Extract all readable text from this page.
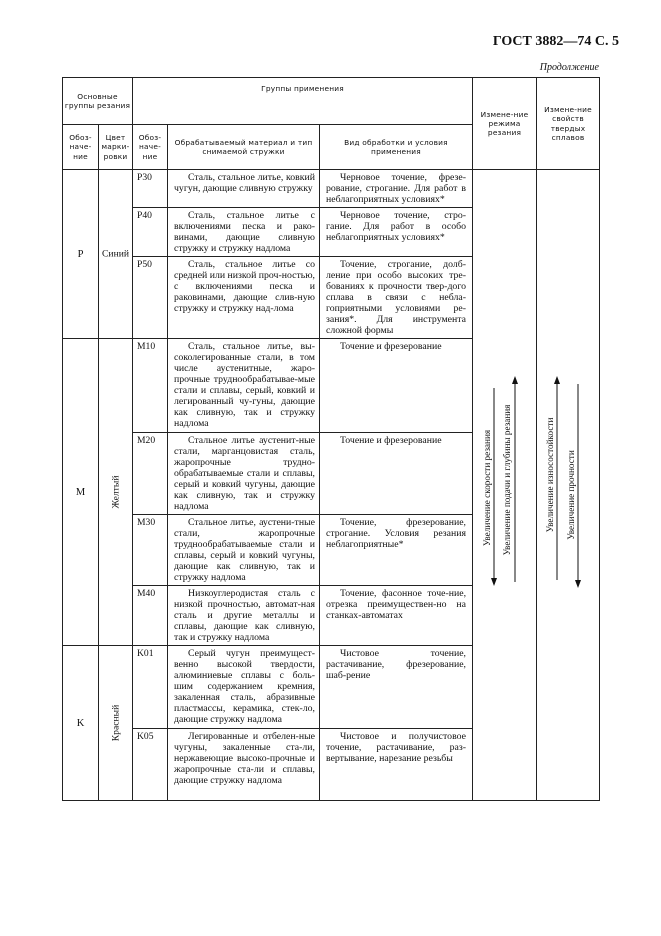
ГОСТ 3882—74 С. 5
Продолжение
Основные группы резания		Группы применения			Измене-ние режима резания	Измене-ние свойств твердых сплавов
Обоз-наче-ние	Цвет марки-ровки	Обоз-наче-ние	Обрабатываемый материал и тип снимаемой стружки	Вид обработки и условия применения		
P	Синий	P30	Сталь, стальное литье, ковкий чугун, дающие сливную стружку	Черновое точение, фрезе-рование, строгание. Для работ в неблагоприятных условиях*	Увеличение скорости резания Увеличение подачи и глубины резания	Увеличение износостойкости Увеличение прочности

		P40	Сталь, стальное литье с включениями песка и рако-винами, дающие сливную стружку и стружку надлома	Черновое точение, стро-гание. Для работ в особо неблагоприятных условиях*		
		P50	Сталь, стальное литье со средней или низкой проч-ностью, с включениями песка и раковинами, дающие слив-ную стружку и стружку над-лома	Точение, строгание, долб-ление при особо высоких тре-бованиях к прочности твер-дого сплава в связи с небла-гоприятными условиями ре-зания*. Для инструмента сложной формы		
M	Желтый	M10	Сталь, стальное литье, вы-соколегированные стали, в том числе аустенитные, жаро-прочные труднообрабатывае-мые стали и сплавы, серый, ковкий и легированный чу-гуны, дающие как сливную, так и стружку надлома	Точение и фрезерование		
		M20	Стальное литье аустенит-ные стали, марганцовистая сталь, жаропрочные трудно-обрабатываемые стали и сплавы, серый и ковкий чугуны, дающие как сливную, так и стружку надлома	Точение и фрезерование		
		M30	Стальное литье, аустени-тные стали, жаропрочные труднообрабатываемые стали и сплавы, серый и ковкий чугуны, дающие как сливную, так и стружку надлома	Точение, фрезерование, строгание. Условия резания неблагоприятные*		
		M40	Низкоуглеродистая сталь с низкой прочностью, автомат-ная сталь и другие металлы и сплавы, дающие как сливную, так и стружку надлома	Точение, фасонное точе-ние, отрезка преимуществен-но на станках-автоматах		
K	Красный	K01	Серый чугун преимущест-венно высокой твердости, алюминиевые сплавы с боль-шим содержанием кремния, закаленная сталь, абразивные пластмассы, керамика, стек-ло, дающие стружку надлома	Чистовое точение, растачивание, фрезерование, шаб-рение		
		K05	Легированные и отбелен-ные чугуны, закаленные ста-ли, нержавеющие высоко-прочные и жаропрочные ста-ли и сплавы, дающие стружку надлома	Чистовое и получистовое точение, растачивание, раз-вертывание, нарезание резьбы		
